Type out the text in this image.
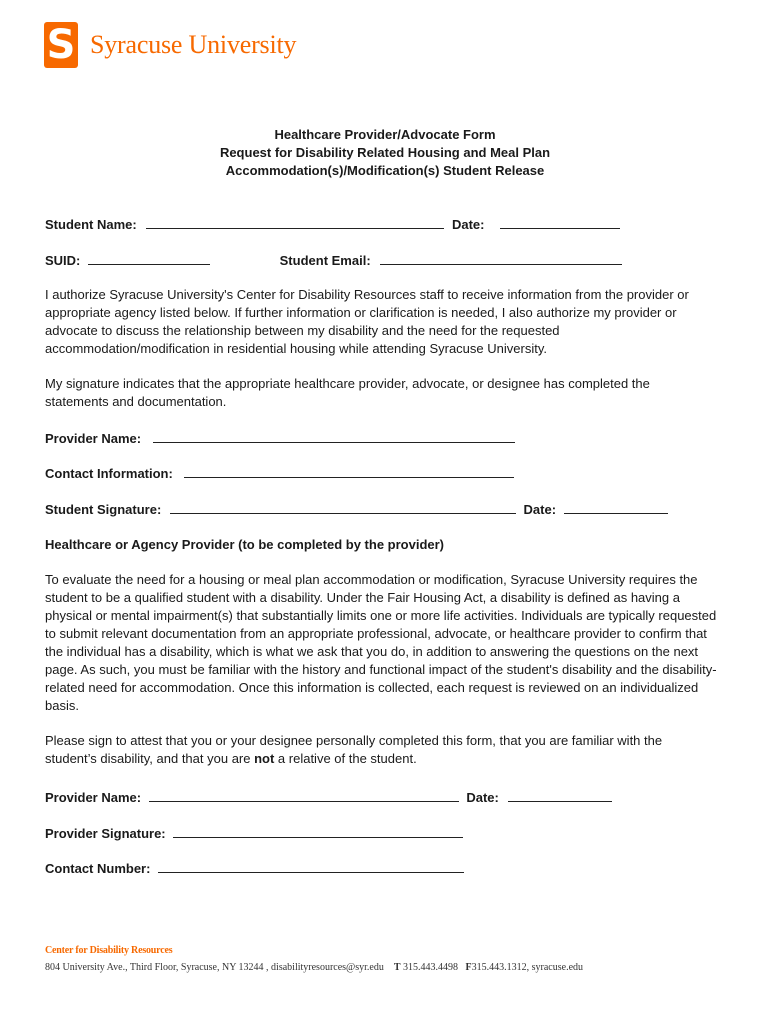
S Syracuse University
Healthcare Provider/Advocate Form
Request for Disability Related Housing and Meal Plan
Accommodation(s)/Modification(s) Student Release
Student Name:	Date:
SUID:	Student Email:
I authorize Syracuse University's Center for Disability Resources staff to receive information from the provider or appropriate agency listed below. If further information or clarification is needed, I also authorize my provider or advocate to discuss the relationship between my disability and the need for the requested accommodation/modification in residential housing while attending Syracuse University.
My signature indicates that the appropriate healthcare provider, advocate, or designee has completed the statements and documentation.
Provider Name:
Contact Information:
Student Signature:	Date:
Healthcare or Agency Provider (to be completed by the provider)
To evaluate the need for a housing or meal plan accommodation or modification, Syracuse University requires the student to be a qualified student with a disability. Under the Fair Housing Act, a disability is defined as having a physical or mental impairment(s) that substantially limits one or more life activities. Individuals are typically requested to submit relevant documentation from an appropriate professional, advocate, or healthcare provider to confirm that the individual has a disability, which is what we ask that you do, in addition to answering the questions on the next page. As such, you must be familiar with the history and functional impact of the student's disability and the disability-related need for accommodation. Once this information is collected, each request is reviewed on an individualized basis.
Please sign to attest that you or your designee personally completed this form, that you are familiar with the student’s disability, and that you are not a relative of the student.
Provider Name:	Date:
Provider Signature:
Contact Number:
Center for Disability Resources
804 University Ave., Third Floor, Syracuse, NY 13244 , disabilityresources@syr.edu T 315.443.4498 F315.443.1312, syracuse.edu
